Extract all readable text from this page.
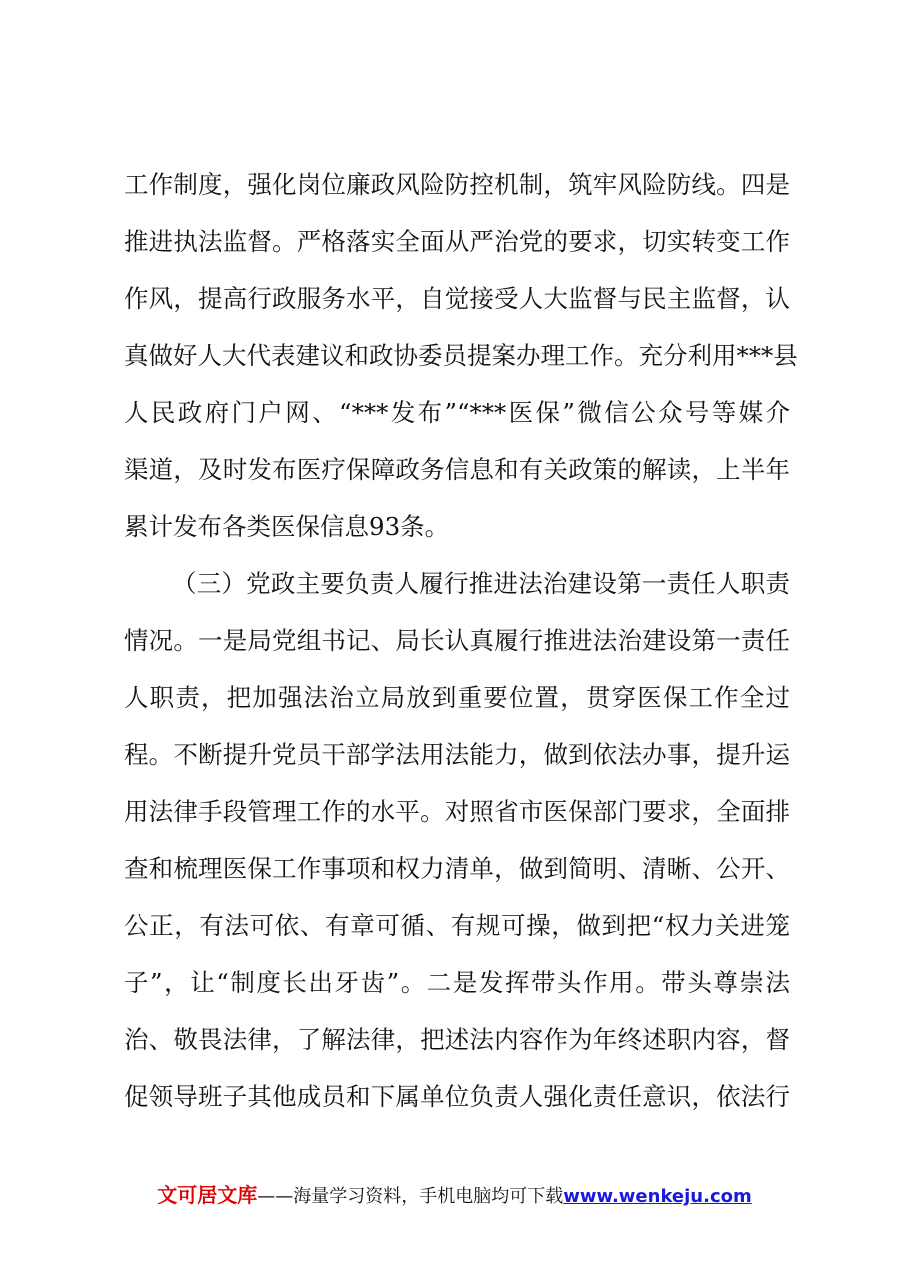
工作制度，强化岗位廉政风险防控机制，筑牢风险防线。四是
推进执法监督。严格落实全面从严治党的要求，切实转变工作
作风，提高行政服务水平，自觉接受人大监督与民主监督，认
真做好人大代表建议和政协委员提案办理工作。充分利用***县
人民政府门户网、“***发布”“***医保”微信公众号等媒介
渠道，及时发布医疗保障政务信息和有关政策的解读，上半年
累计发布各类医保信息93条。
（三）党政主要负责人履行推进法治建设第一责任人职责
情况。一是局党组书记、局长认真履行推进法治建设第一责任
人职责，把加强法治立局放到重要位置，贯穿医保工作全过
程。不断提升党员干部学法用法能力，做到依法办事，提升运
用法律手段管理工作的水平。对照省市医保部门要求，全面排
查和梳理医保工作事项和权力清单，做到简明、清晰、公开、
公正，有法可依、有章可循、有规可操，做到把“权力关进笼
子”，让“制度长出牙齿”。二是发挥带头作用。带头尊崇法
治、敬畏法律，了解法律，把述法内容作为年终述职内容，督
促领导班子其他成员和下属单位负责人强化责任意识，依法行
文可居文库——海量学习资料，手机电脑均可下载www.wenkeju.com
